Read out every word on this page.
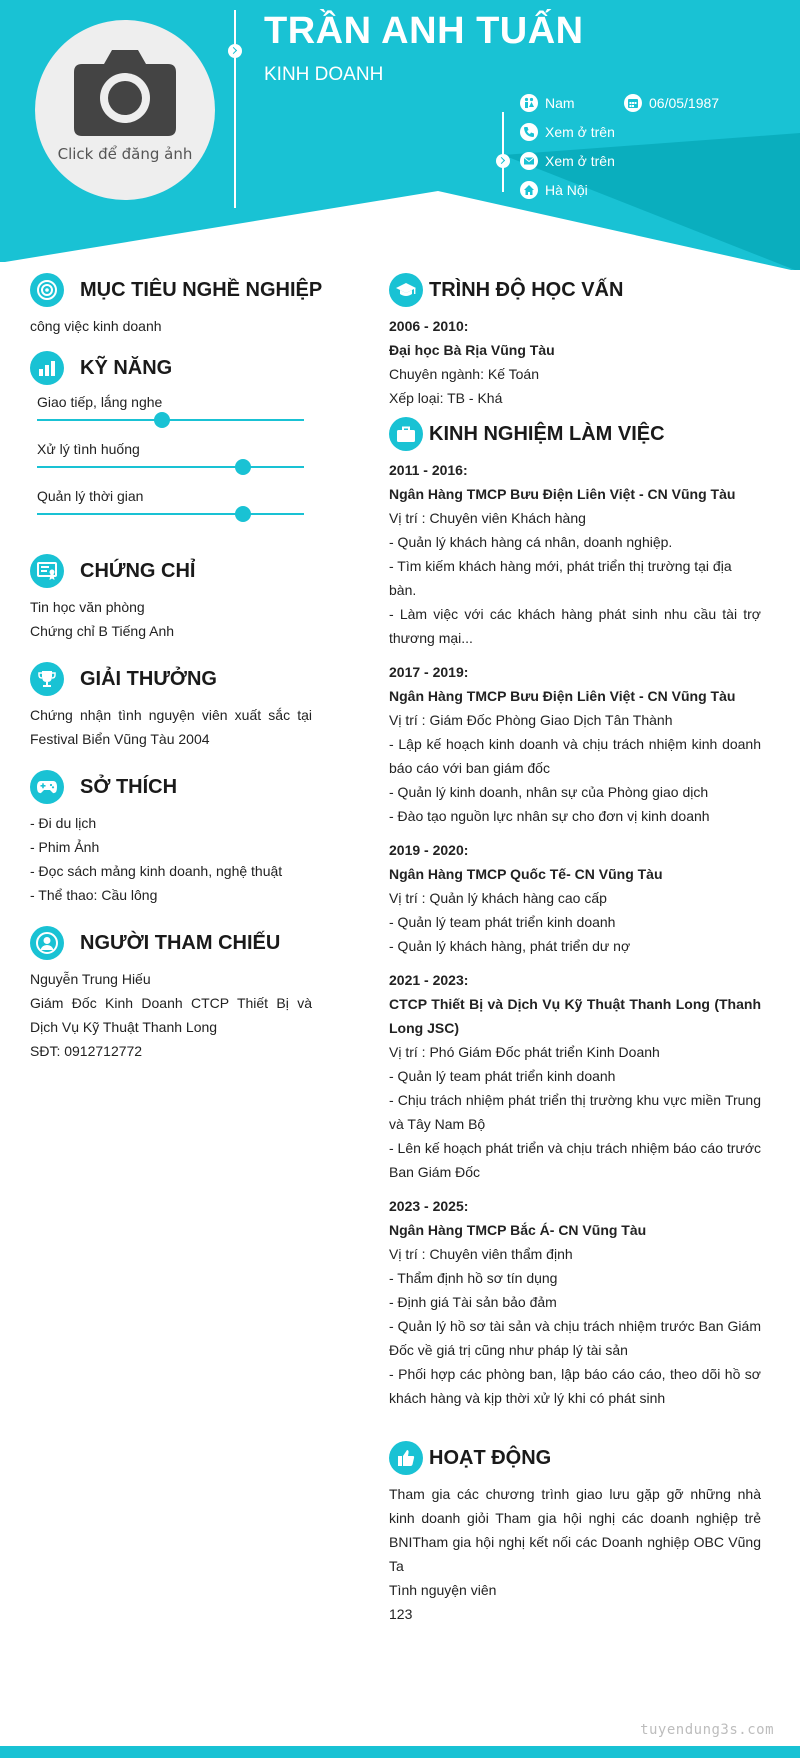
Click để đăng ảnh
TRẦN ANH TUẤN
KINH DOANH
Nam	06/05/1987
Xem ở trên
Xem ở trên
Hà Nội
MỤC TIÊU NGHỀ NGHIỆP
công việc kinh doanh
KỸ NĂNG
Giao tiếp, lắng nghe
Xử lý tình huống
Quản lý thời gian
CHỨNG CHỈ
Tin học văn phòng
Chứng chỉ B Tiếng Anh
GIẢI THƯỞNG
Chứng nhận tình nguyện viên xuất sắc tại Festival Biển Vũng Tàu 2004
SỞ THÍCH
- Đi du lịch
- Phim Ảnh
- Đọc sách mảng kinh doanh, nghệ thuật
- Thể thao: Cầu lông
NGƯỜI THAM CHIẾU
Nguyễn Trung Hiếu
Giám Đốc Kinh Doanh CTCP Thiết Bị và Dịch Vụ Kỹ Thuật Thanh Long
SĐT: 0912712772
TRÌNH ĐỘ HỌC VẤN
2006 - 2010:
Đại học Bà Rịa Vũng Tàu
Chuyên ngành: Kế Toán
Xếp loại: TB - Khá
KINH NGHIỆM LÀM VIỆC
2011 - 2016:
Ngân Hàng TMCP Bưu Điện Liên Việt - CN Vũng Tàu
Vị trí : Chuyên viên Khách hàng
- Quản lý khách hàng cá nhân, doanh nghiệp.
- Tìm kiếm khách hàng mới, phát triển thị trường tại địa bàn.
- Làm việc với các khách hàng phát sinh nhu cầu tài trợ thương mại...
2017 - 2019:
Ngân Hàng TMCP Bưu Điện Liên Việt - CN Vũng Tàu
Vị trí : Giám Đốc Phòng Giao Dịch Tân Thành
- Lập kế hoạch kinh doanh và chịu trách nhiệm kinh doanh báo cáo với ban giám đốc
- Quản lý kinh doanh, nhân sự của Phòng giao dịch
- Đào tạo nguồn lực nhân sự cho đơn vị kinh doanh
2019 - 2020:
Ngân Hàng TMCP Quốc Tế- CN Vũng Tàu
Vị trí : Quản lý khách hàng cao cấp
- Quản lý team phát triển kinh doanh
- Quản lý khách hàng, phát triển dư nợ
2021 - 2023:
CTCP Thiết Bị và Dịch Vụ Kỹ Thuật Thanh Long (Thanh Long JSC)
Vị trí : Phó Giám Đốc phát triển Kinh Doanh
- Quản lý team phát triển kinh doanh
- Chịu trách nhiệm phát triển thị trường khu vực miền Trung và Tây Nam Bộ
- Lên kế hoạch phát triển và chịu trách nhiệm báo cáo trước Ban Giám Đốc
2023 - 2025:
Ngân Hàng TMCP Bắc Á- CN Vũng Tàu
Vị trí : Chuyên viên thẩm định
- Thẩm định hồ sơ tín dụng
- Định giá Tài sản bảo đảm
- Quản lý hồ sơ tài sản và chịu trách nhiệm trước Ban Giám Đốc về giá trị cũng như pháp lý tài sản
- Phối hợp các phòng ban, lập báo cáo cáo, theo dõi hồ sơ khách hàng và kịp thời xử lý khi có phát sinh
HOẠT ĐỘNG
Tham gia các chương trình giao lưu gặp gỡ những nhà kinh doanh giỏi Tham gia hội nghị các doanh nghiệp trẻ BNITham gia hội nghị kết nối các Doanh nghiệp OBC Vũng Ta
Tình nguyện viên
123
tuyendung3s.com
